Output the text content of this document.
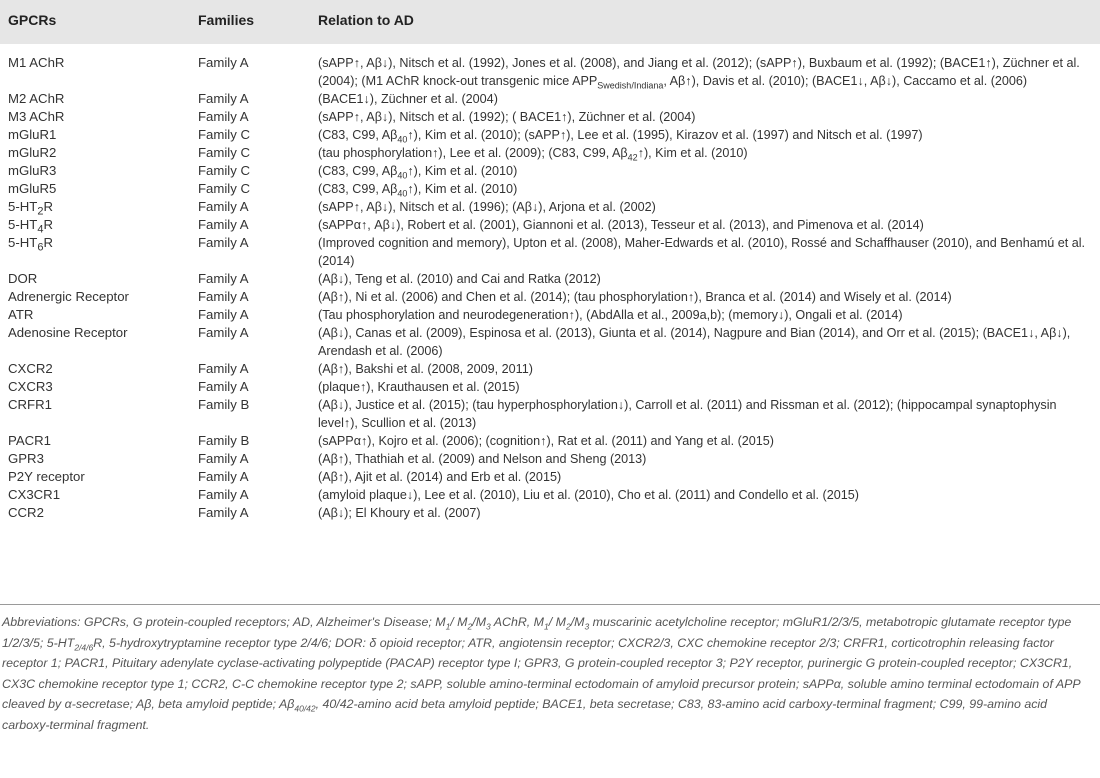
GPCRs	Families	Relation to AD
M1 AChR	Family A	(sAPP↑, Aβ↓), Nitsch et al. (1992), Jones et al. (2008), and Jiang et al. (2012); (sAPP↑), Buxbaum et al. (1992); (BACE1↑), Züchner et al. (2004); (M1 AChR knock-out transgenic mice $APP_{Swedish/Indiana}$, Aβ↑), Davis et al. (2010); (BACE1↓, Aβ↓), Caccamo et al. (2006)
M2 AChR	Family A	(BACE1↓), Züchner et al. (2004)
M3 AChR	Family A	(sAPP↑, Aβ↓), Nitsch et al. (1992); ( BACE1↑), Züchner et al. (2004)
mGluR1	Family C	(C83, C99, $A\beta_{40}↑$), Kim et al. (2010); (sAPP↑), Lee et al. (1995), Kirazov et al. (1997) and Nitsch et al. (1997)
mGluR2	Family C	(tau phosphorylation↑), Lee et al. (2009); (C83, C99, $A\beta_{42}↑$), Kim et al. (2010)
mGluR3	Family C	(C83, C99, $A\beta_{40}↑$), Kim et al. (2010)
mGluR5	Family C	(C83, C99, $A\beta_{40}↑$), Kim et al. (2010)
$5-HT_2R$	Family A	(sAPP↑, Aβ↓), Nitsch et al. (1996); (Aβ↓), Arjona et al. (2002)
$5-HT_4R$	Family A	(sAPPα↑, Aβ↓), Robert et al. (2001), Giannoni et al. (2013), Tesseur et al. (2013), and Pimenova et al. (2014)
$5-HT_6R$	Family A	(Improved cognition and memory), Upton et al. (2008), Maher-Edwards et al. (2010), Rossé and Schaffhauser (2010), and Benhamú et al. (2014)
DOR	Family A	(Aβ↓), Teng et al. (2010) and Cai and Ratka (2012)
Adrenergic Receptor	Family A	(Aβ↑), Ni et al. (2006) and Chen et al. (2014); (tau phosphorylation↑), Branca et al. (2014) and Wisely et al. (2014)
ATR	Family A	(Tau phosphorylation and neurodegeneration↑), (AbdAlla et al., 2009a,b); (memory↓), Ongali et al. (2014)
Adenosine Receptor	Family A	(Aβ↓), Canas et al. (2009), Espinosa et al. (2013), Giunta et al. (2014), Nagpure and Bian (2014), and Orr et al. (2015); (BACE1↓, Aβ↓), Arendash et al. (2006)
CXCR2	Family A	(Aβ↑), Bakshi et al. (2008, 2009, 2011)
CXCR3	Family A	(plaque↑), Krauthausen et al. (2015)
CRFR1	Family B	(Aβ↓), Justice et al. (2015); (tau hyperphosphorylation↓), Carroll et al. (2011) and Rissman et al. (2012); (hippocampal synaptophysin level↑), Scullion et al. (2013)
PACR1	Family B	(sAPPα↑), Kojro et al. (2006); (cognition↑), Rat et al. (2011) and Yang et al. (2015)
GPR3	Family A	(Aβ↑), Thathiah et al. (2009) and Nelson and Sheng (2013)
P2Y receptor	Family A	(Aβ↑), Ajit et al. (2014) and Erb et al. (2015)
CX3CR1	Family A	(amyloid plaque↓), Lee et al. (2010), Liu et al. (2010), Cho et al. (2011) and Condello et al. (2015)
CCR2	Family A	(Aβ↓); El Khoury et al. (2007)
Abbreviations: GPCRs, G protein-coupled receptors; AD, Alzheimer's Disease; $M_1/$ $M_2/M_3$ AChR, $M_1/$ $M_2/M_3$ muscarinic acetylcholine receptor; mGluR1/2/3/5, metabotropic glutamate receptor type 1/2/3/5; $5-HT_{2/4/6}R$, 5-hydroxytryptamine receptor type 2/4/6; DOR: δ opioid receptor; ATR, angiotensin receptor; CXCR2/3, CXC chemokine receptor 2/3; CRFR1, corticotrophin releasing factor receptor 1; PACR1, Pituitary adenylate cyclase-activating polypeptide (PACAP) receptor type I; GPR3, G protein-coupled receptor 3; P2Y receptor, purinergic G protein-coupled receptor; CX3CR1, CX3C chemokine receptor type 1; CCR2, C-C chemokine receptor type 2; sAPP, soluble amino-terminal ectodomain of amyloid precursor protein; sAPPα, soluble amino terminal ectodomain of APP cleaved by α-secretase; Aβ, beta amyloid peptide; $A\beta_{40/42}$, 40/42-amino acid beta amyloid peptide; BACE1, beta secretase; C83, 83-amino acid carboxy-terminal fragment; C99, 99-amino acid carboxy-terminal fragment.
